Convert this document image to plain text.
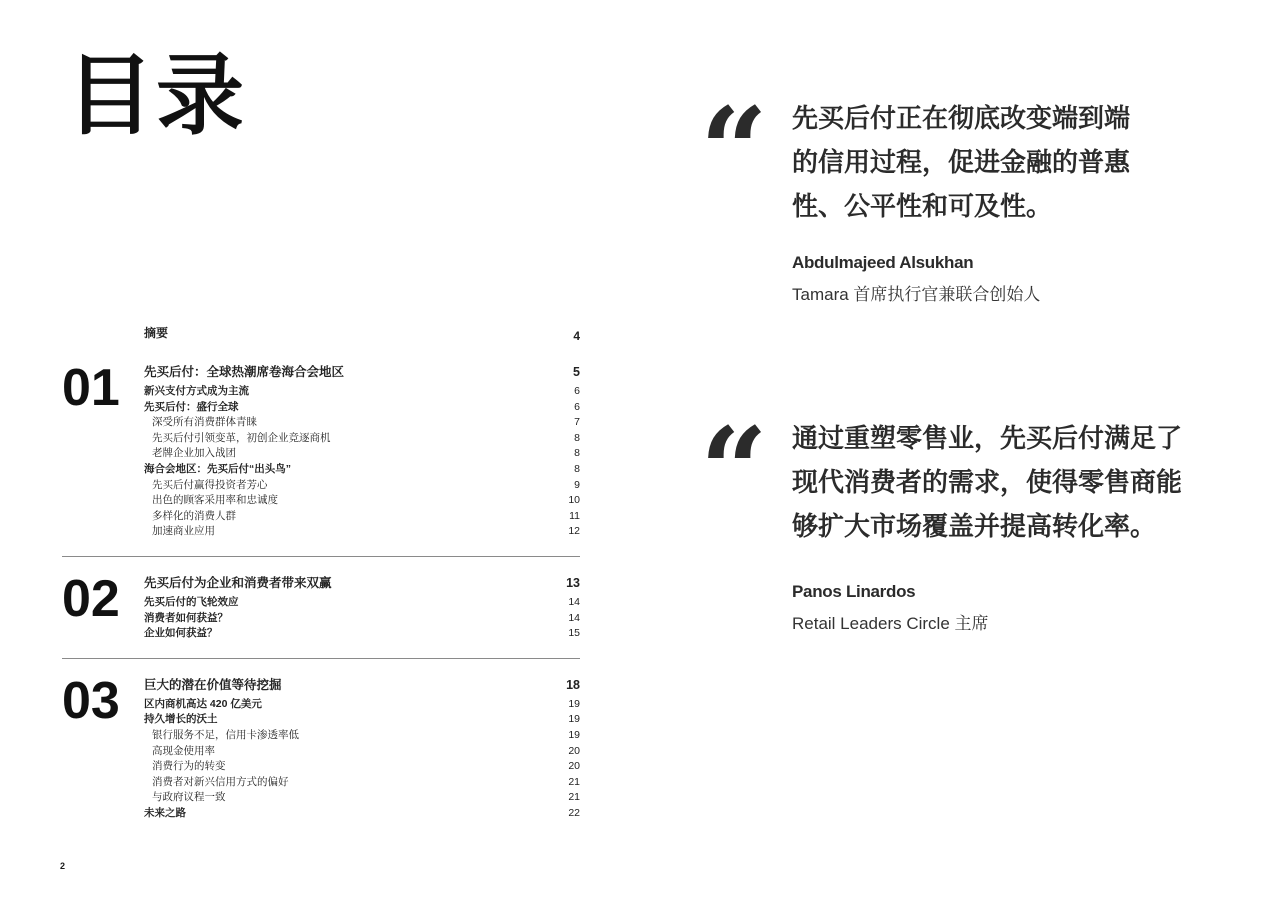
目录
摘要	4
01 先买后付：全球热潮席卷海合会地区	5
新兴支付方式成为主流	6
先买后付：盛行全球	6
深受所有消费群体青睐	7
先买后付引领变革，初创企业竞逐商机	8
老牌企业加入战团	8
海合会地区：先买后付“出头鸟”	8
先买后付赢得投资者芳心	9
出色的顾客采用率和忠诚度	10
多样化的消费人群	11
加速商业应用	12
02 先买后付为企业和消费者带来双赢	13
先买后付的飞轮效应	14
消费者如何获益？	14
企业如何获益？	15
03 巨大的潜在价值等待挖掘	18
区内商机高达 420 亿美元	19
持久增长的沃土	19
银行服务不足，信用卡渗透率低	19
高现金使用率	20
消费行为的转变	20
消费者对新兴信用方式的偏好	21
与政府议程一致	21
未来之路	22
2
“ 先买后付正在彻底改变端到端
的信用过程，促进金融的普惠
性、公平性和可及性。
Abdulmajeed Alsukhan
Tamara 首席执行官兼联合创始人
“ 通过重塑零售业，先买后付满足了
现代消费者的需求，使得零售商能
够扩大市场覆盖并提高转化率。
Panos Linardos
Retail Leaders Circle 主席
